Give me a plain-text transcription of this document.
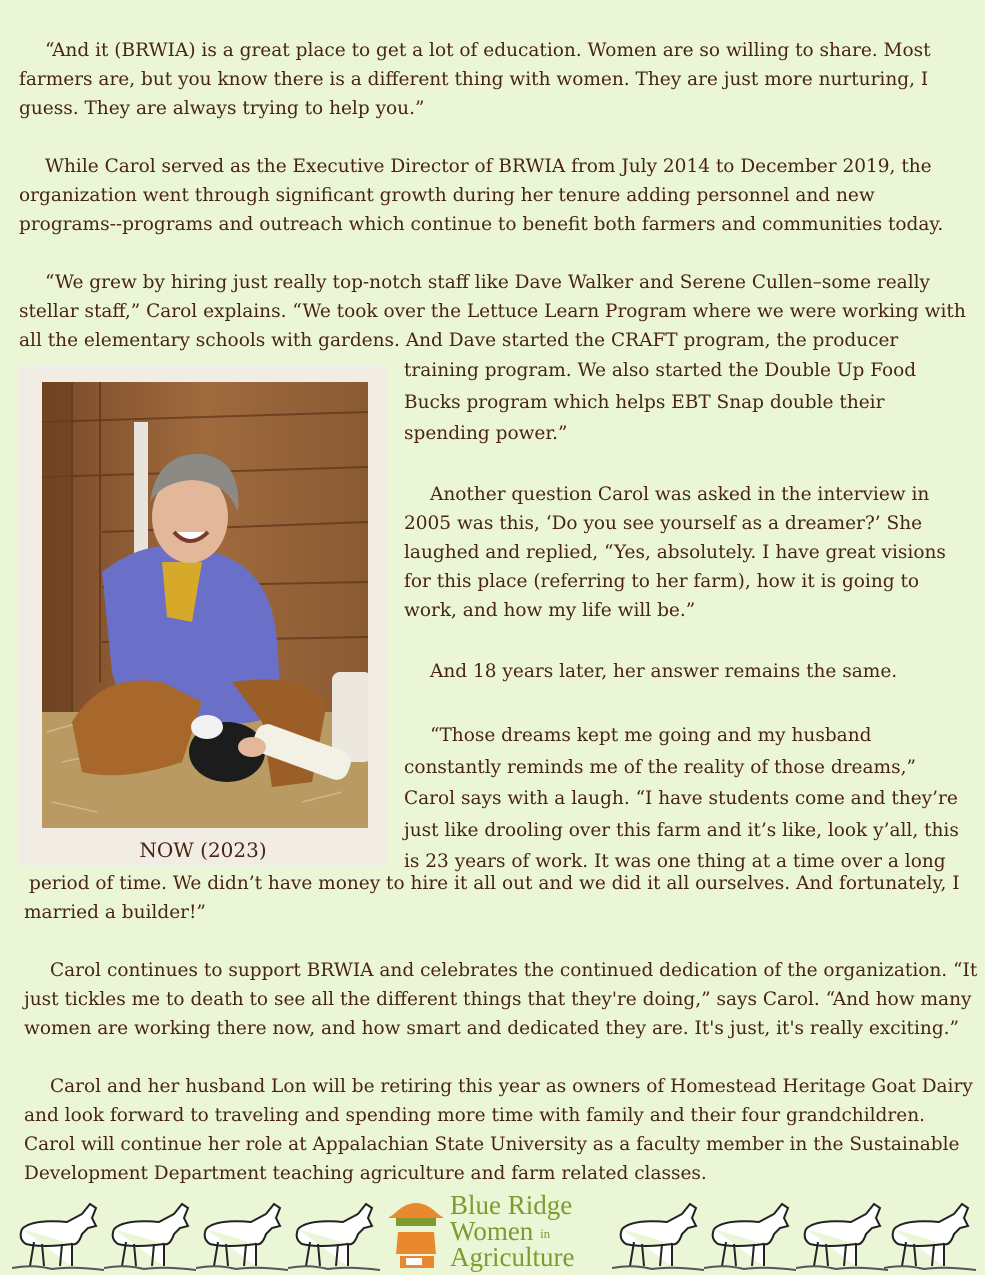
“And it (BRWIA) is a great place to get a lot of education. Women are so willing to share. Most
farmers are, but you know there is a different thing with women. They are just more nurturing, I
guess. They are always trying to help you.”
While Carol served as the Executive Director of BRWIA from July 2014 to December 2019, the
organization went through significant growth during her tenure adding personnel and new
programs--programs and outreach which continue to benefit both farmers and communities today.
“We grew by hiring just really top-notch staff like Dave Walker and Serene Cullen–some really
stellar staff,” Carol explains. “We took over the Lettuce Learn Program where we were working with
all the elementary schools with gardens. And Dave started the CRAFT program, the producer
training program. We also started the Double Up Food
Bucks program which helps EBT Snap double their
spending power.”
Another question Carol was asked in the interview in
2005 was this, ‘Do you see yourself as a dreamer?’ She
laughed and replied, “Yes, absolutely. I have great visions
for this place (referring to her farm), how it is going to
work, and how my life will be.”
And 18 years later, her answer remains the same.
“Those dreams kept me going and my husband
constantly reminds me of the reality of those dreams,”
Carol says with a laugh. “I have students come and they’re
just like drooling over this farm and it’s like, look y’all, this
is 23 years of work. It was one thing at a time over a long
period of time. We didn’t have money to hire it all out and we did it all ourselves. And fortunately, I
married a builder!”
Carol continues to support BRWIA and celebrates the continued dedication of the organization. “It
just tickles me to death to see all the different things that they're doing,” says Carol. “And how many
women are working there now, and how smart and dedicated they are. It's just, it's really exciting.”
Carol and her husband Lon will be retiring this year as owners of Homestead Heritage Goat Dairy
and look forward to traveling and spending more time with family and their four grandchildren.
Carol will continue her role at Appalachian State University as a faculty member in the Sustainable
Development Department teaching agriculture and farm related classes.
NOW (2023)
Blue Ridge
Women in
Agriculture
